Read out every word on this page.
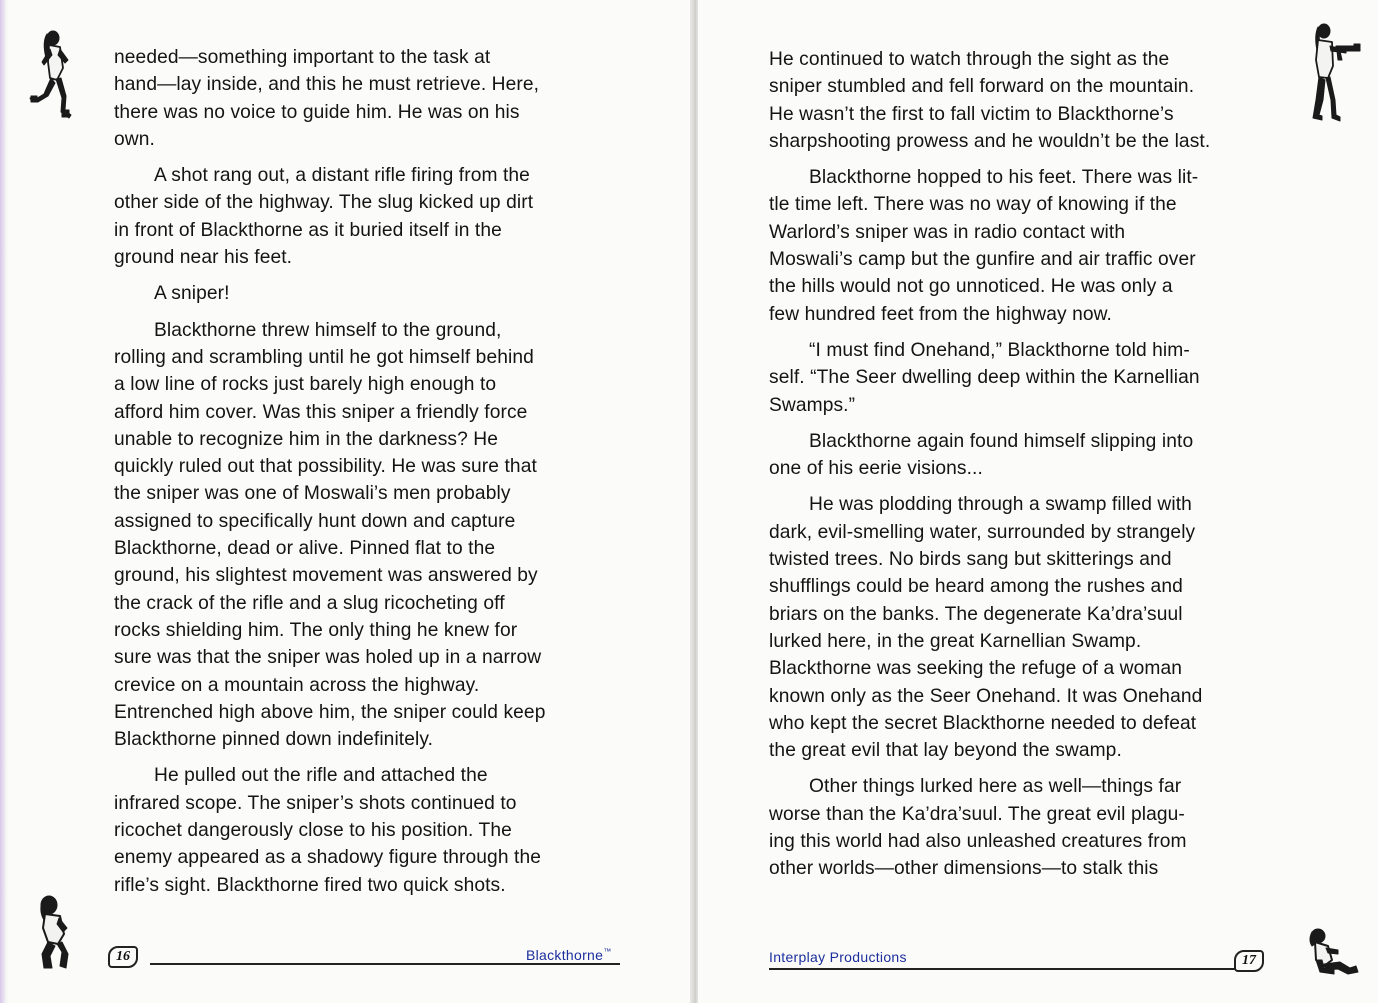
needed—something important to the task at
hand—lay inside, and this he must retrieve. Here,
there was no voice to guide him. He was on his
own.

A shot rang out, a distant rifle firing from the
other side of the highway. The slug kicked up dirt
in front of Blackthorne as it buried itself in the
ground near his feet.

A sniper!

Blackthorne threw himself to the ground,
rolling and scrambling until he got himself behind
a low line of rocks just barely high enough to
afford him cover. Was this sniper a friendly force
unable to recognize him in the darkness? He
quickly ruled out that possibility. He was sure that
the sniper was one of Moswali’s men probably
assigned to specifically hunt down and capture
Blackthorne, dead or alive. Pinned flat to the
ground, his slightest movement was answered by
the crack of the rifle and a slug ricocheting off
rocks shielding him. The only thing he knew for
sure was that the sniper was holed up in a narrow
crevice on a mountain across the highway.
Entrenched high above him, the sniper could keep
Blackthorne pinned down indefinitely.

He pulled out the rifle and attached the
infrared scope. The sniper’s shots continued to
ricochet dangerously close to his position. The
enemy appeared as a shadowy figure through the
rifle’s sight. Blackthorne fired two quick shots.

16	Blackthorne™

He continued to watch through the sight as the
sniper stumbled and fell forward on the mountain.
He wasn’t the first to fall victim to Blackthorne’s
sharpshooting prowess and he wouldn’t be the last.

Blackthorne hopped to his feet. There was lit-
tle time left. There was no way of knowing if the
Warlord’s sniper was in radio contact with
Moswali’s camp but the gunfire and air traffic over
the hills would not go unnoticed. He was only a
few hundred feet from the highway now.

“I must find Onehand,” Blackthorne told him-
self. “The Seer dwelling deep within the Karnellian
Swamps.”

Blackthorne again found himself slipping into
one of his eerie visions...

He was plodding through a swamp filled with
dark, evil-smelling water, surrounded by strangely
twisted trees. No birds sang but skitterings and
shufflings could be heard among the rushes and
briars on the banks. The degenerate Ka’dra’suul
lurked here, in the great Karnellian Swamp.
Blackthorne was seeking the refuge of a woman
known only as the Seer Onehand. It was Onehand
who kept the secret Blackthorne needed to defeat
the great evil that lay beyond the swamp.

Other things lurked here as well—things far
worse than the Ka’dra’suul. The great evil plagu-
ing this world had also unleashed creatures from
other worlds—other dimensions—to stalk this

Interplay Productions	17
